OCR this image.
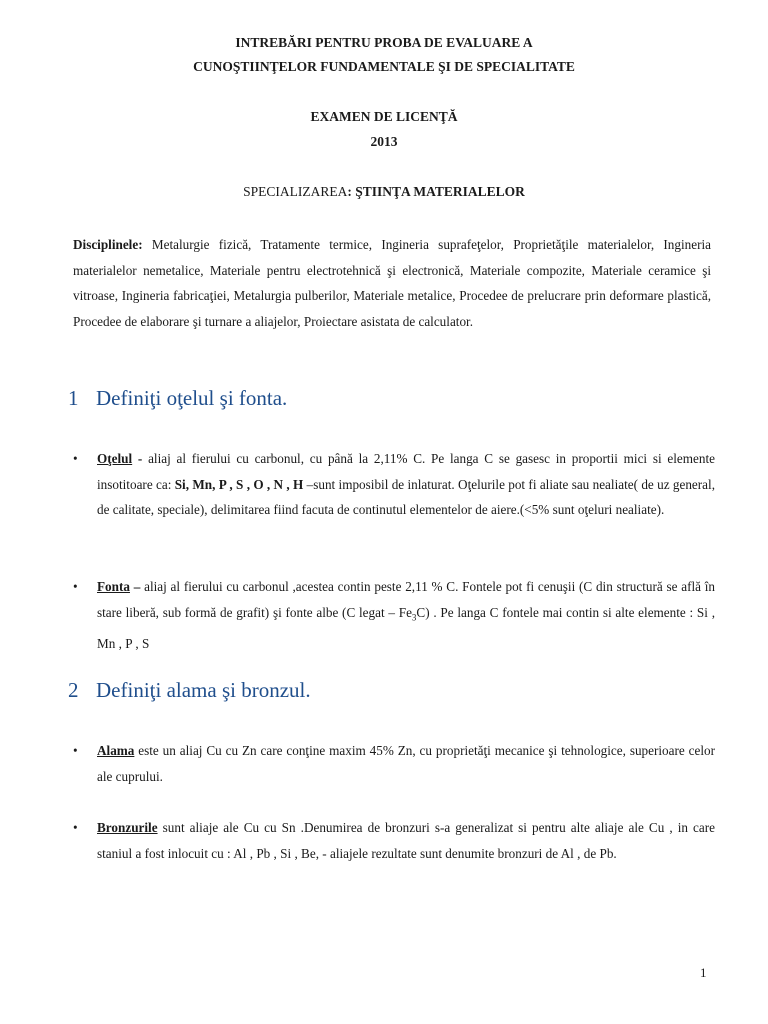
INTREBĂRI PENTRU PROBA DE EVALUARE A
CUNOŞTIINŢELOR FUNDAMENTALE ŞI DE SPECIALITATE
EXAMEN DE LICENŢĂ
2013
SPECIALIZAREA: ŞTIINŢA MATERIALELOR
Disciplinele: Metalurgie fizică, Tratamente termice, Ingineria suprafeţelor, Proprietăţile materialelor, Ingineria materialelor nemetalice, Materiale pentru electrotehnică şi electronică, Materiale compozite, Materiale ceramice şi vitroase, Ingineria fabricaţiei, Metalurgia pulberilor, Materiale metalice, Procedee de prelucrare prin deformare plastică, Procedee de elaborare şi turnare a aliajelor, Proiectare asistata de calculator.
1 Definiţi oţelul şi fonta.
•	Oţelul - aliaj al fierului cu carbonul, cu până la 2,11% C. Pe langa C se gasesc in proportii mici si elemente insotitoare ca: Si, Mn, P , S , O , N , H –sunt imposibil de inlaturat. Oţelurile pot fi aliate sau nealiate( de uz general, de calitate, speciale), delimitarea fiind facuta de continutul elementelor de aiere.(<5% sunt oţeluri nealiate).
•	Fonta – aliaj al fierului cu carbonul ,acestea contin peste 2,11 % C. Fontele pot fi cenuşii (C din structură se află în stare liberă, sub formă de grafit) şi fonte albe (C legat – $Fe_3C$) . Pe langa C fontele mai contin si alte elemente : Si , Mn , P , S
2 Definiţi alama şi bronzul.
•	Alama este un aliaj Cu cu Zn care conţine maxim 45% Zn, cu proprietăţi mecanice şi tehnologice, superioare celor ale cuprului.
•	Bronzurile sunt aliaje ale Cu cu Sn .Denumirea de bronzuri s-a generalizat si pentru alte aliaje ale Cu , in care staniul a fost inlocuit cu : Al , Pb , Si , Be, - aliajele rezultate sunt denumite bronzuri de Al , de Pb.
1
